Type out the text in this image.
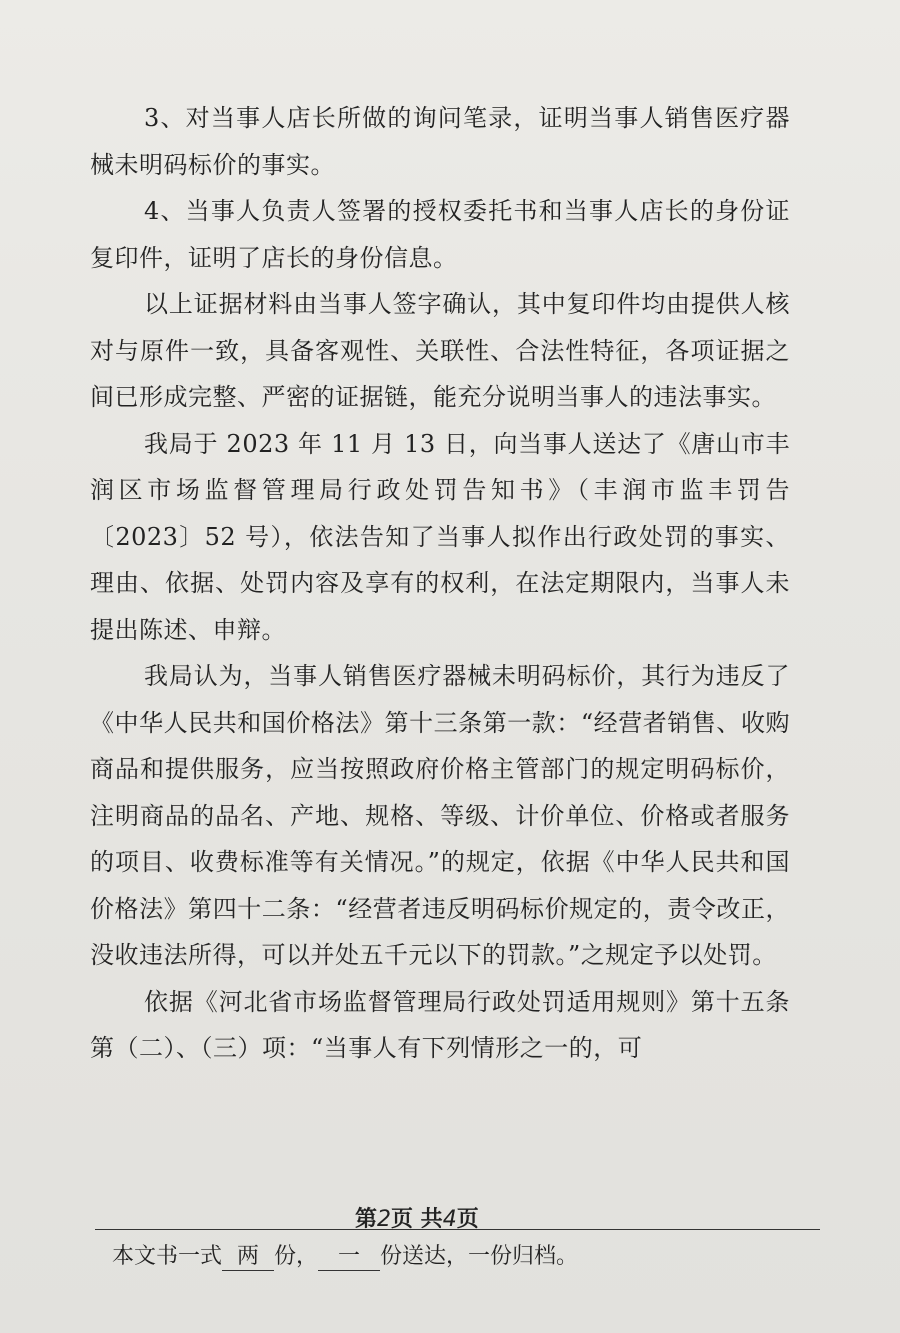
3、对当事人店长所做的询问笔录，证明当事人销售医疗器械未明码标价的事实。

4、当事人负责人签署的授权委托书和当事人店长的身份证复印件，证明了店长的身份信息。

以上证据材料由当事人签字确认，其中复印件均由提供人核对与原件一致，具备客观性、关联性、合法性特征，各项证据之间已形成完整、严密的证据链，能充分说明当事人的违法事实。

我局于 2023 年 11 月 13 日，向当事人送达了《唐山市丰润区市场监督管理局行政处罚告知书》（丰润市监丰罚告〔2023〕52 号），依法告知了当事人拟作出行政处罚的事实、理由、依据、处罚内容及享有的权利，在法定期限内，当事人未提出陈述、申辩。

我局认为，当事人销售医疗器械未明码标价，其行为违反了《中华人民共和国价格法》第十三条第一款：“经营者销售、收购商品和提供服务，应当按照政府价格主管部门的规定明码标价，注明商品的品名、产地、规格、等级、计价单位、价格或者服务的项目、收费标准等有关情况。”的规定，依据《中华人民共和国价格法》第四十二条：“经营者违反明码标价规定的，责令改正，没收违法所得，可以并处五千元以下的罚款。”之规定予以处罚。

依据《河北省市场监督管理局行政处罚适用规则》第十五条第（二）、（三）项：“当事人有下列情形之一的，可

第2页 共4页
本文书一式 两 份， 一 份送达，一份归档。
